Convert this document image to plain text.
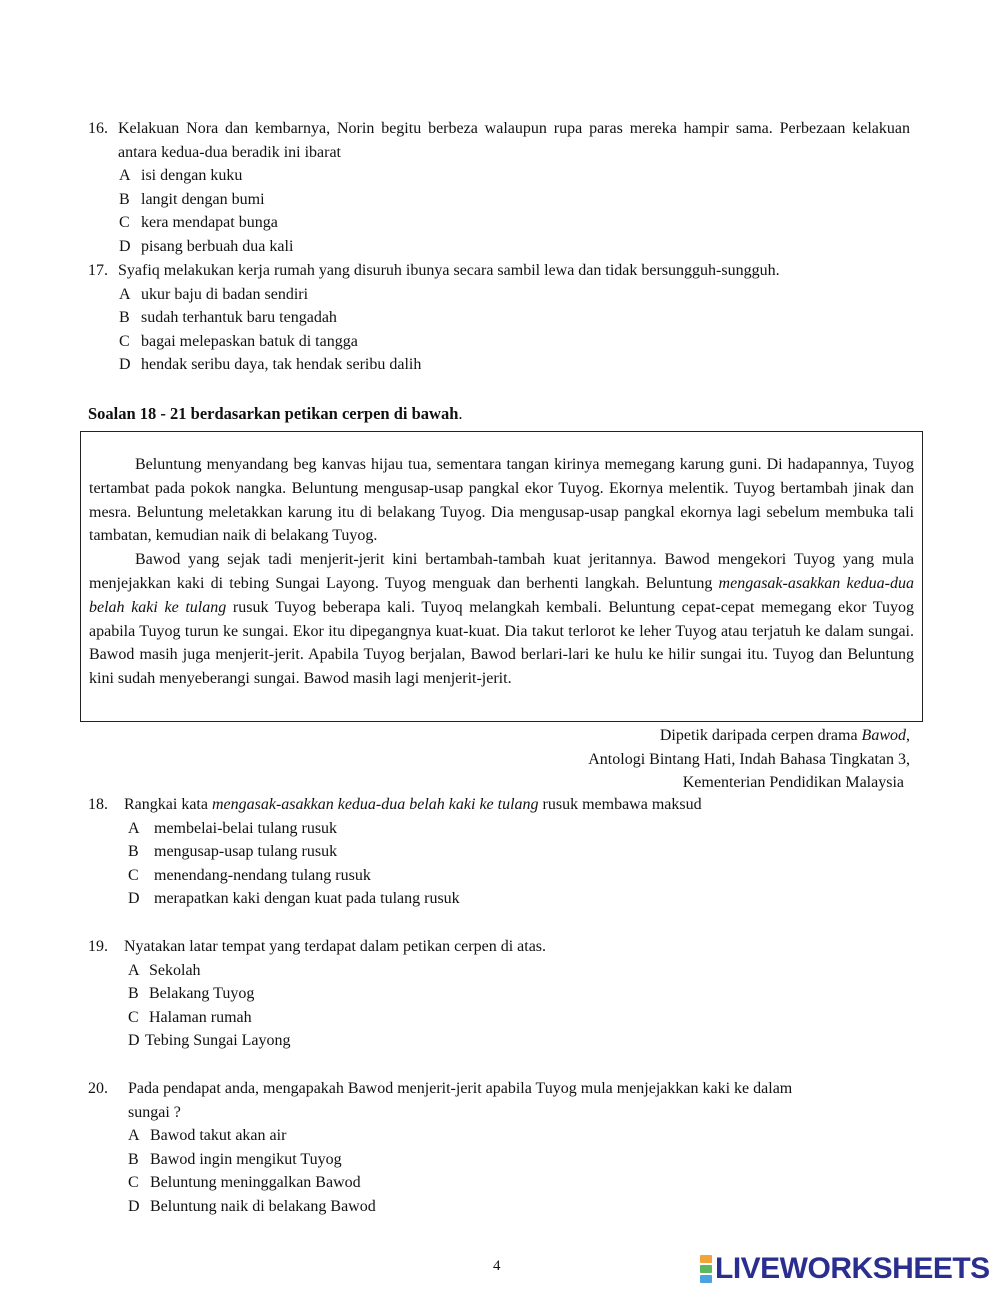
16. Kelakuan Nora dan kembarnya, Norin begitu berbeza walaupun rupa paras mereka hampir sama. Perbezaan kelakuan antara kedua-dua beradik ini ibarat
A isi dengan kuku
B langit dengan bumi
C kera mendapat bunga
D pisang berbuah dua kali
17. Syafiq melakukan kerja rumah yang disuruh ibunya secara sambil lewa dan tidak bersungguh-sungguh.
A ukur baju di badan sendiri
B sudah terhantuk baru tengadah
C bagai melepaskan batuk di tangga
D hendak seribu daya, tak hendak seribu dalih
Soalan 18 - 21 berdasarkan petikan cerpen di bawah.

Beluntung menyandang beg kanvas hijau tua, sementara tangan kirinya memegang karung guni. Di hadapannya, Tuyog tertambat pada pokok nangka. Beluntung mengusap-usap pangkal ekor Tuyog. Ekornya melentik. Tuyog bertambah jinak dan mesra. Beluntung meletakkan karung itu di belakang Tuyog. Dia mengusap-usap pangkal ekornya lagi sebelum membuka tali tambatan, kemudian naik di belakang Tuyog.

Bawod yang sejak tadi menjerit-jerit kini bertambah-tambah kuat jeritannya. Bawod mengekori Tuyog yang mula menjejakkan kaki di tebing Sungai Layong. Tuyog menguak dan berhenti langkah. Beluntung mengasak-asakkan kedua-dua belah kaki ke tulang rusuk Tuyog beberapa kali. Tuyoq melangkah kembali. Beluntung cepat-cepat memegang ekor Tuyog apabila Tuyog turun ke sungai. Ekor itu dipegangnya kuat-kuat. Dia takut terlorot ke leher Tuyog atau terjatuh ke dalam sungai. Bawod masih juga menjerit-jerit. Apabila Tuyog berjalan, Bawod berlari-lari ke hulu ke hilir sungai itu. Tuyog dan Beluntung kini sudah menyeberangi sungai. Bawod masih lagi menjerit-jerit.

Dipetik daripada cerpen drama Bawod,
Antologi Bintang Hati, Indah Bahasa Tingkatan 3,
Kementerian Pendidikan Malaysia
18.	Rangkai kata mengasak-asakkan kedua-dua belah kaki ke tulang rusuk membawa maksud
A membelai-belai tulang rusuk
B mengusap-usap tulang rusuk
C menendang-nendang tulang rusuk
D merapatkan kaki dengan kuat pada tulang rusuk
19.	Nyatakan latar tempat yang terdapat dalam petikan cerpen di atas.
A Sekolah
B Belakang Tuyog
C Halaman rumah
D Tebing Sungai Layong
20.	Pada pendapat anda, mengapakah Bawod menjerit-jerit apabila Tuyog mula menjejakkan kaki ke dalam
sungai ?
A Bawod takut akan air
B Bawod ingin mengikut Tuyog
C Beluntung meninggalkan Bawod
D Beluntung naik di belakang Bawod
4	LIVEWORKSHEETS
